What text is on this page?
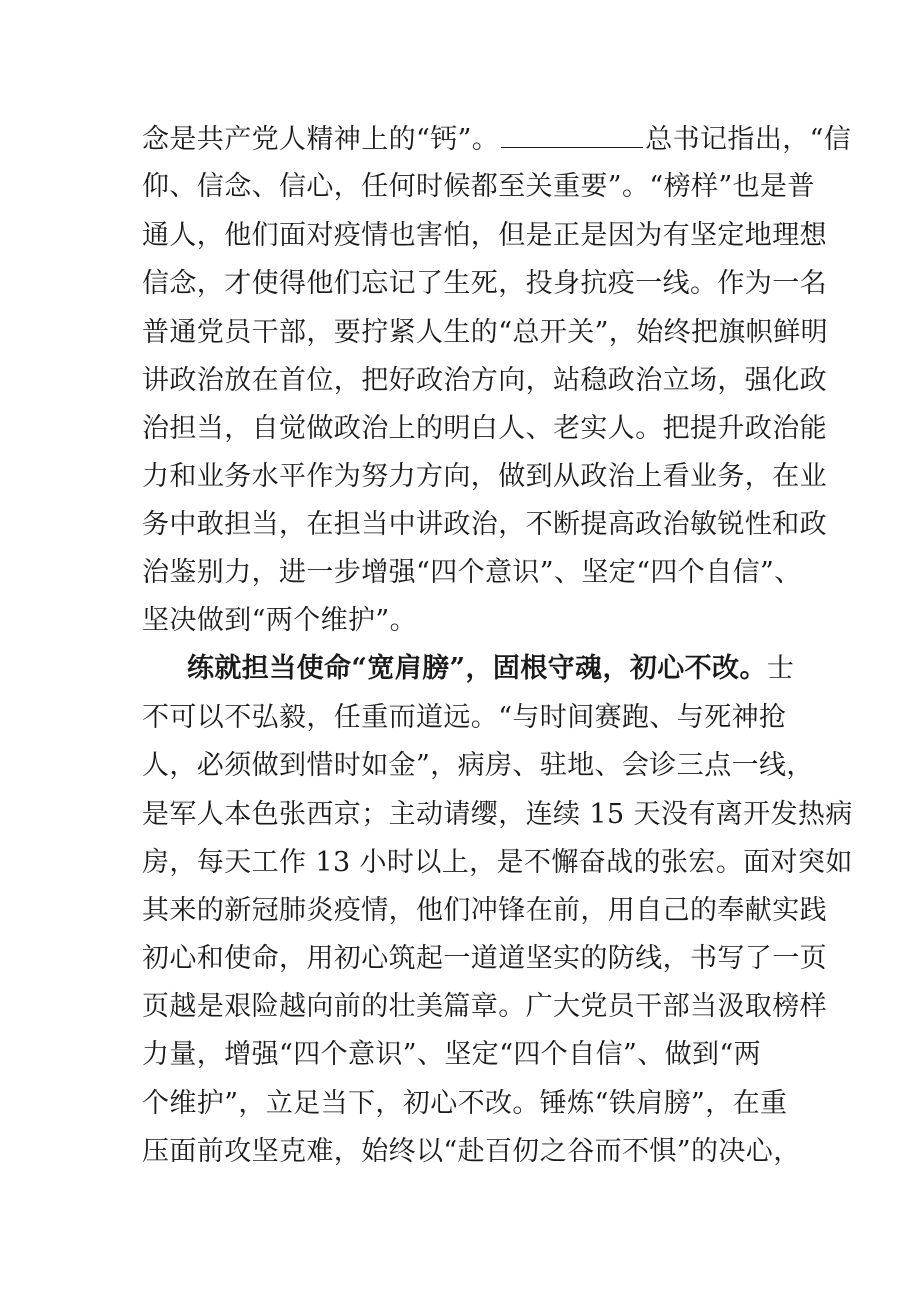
念是共产党人精神上的“钙”。	总书记指出，“信
仰、信念、信心，任何时候都至关重要”。“榜样”也是普
通人，他们面对疫情也害怕，但是正是因为有坚定地理想
信念，才使得他们忘记了生死，投身抗疫一线。作为一名
普通党员干部，要拧紧人生的“总开关”，始终把旗帜鲜明
讲政治放在首位，把好政治方向，站稳政治立场，强化政
治担当，自觉做政治上的明白人、老实人。把提升政治能
力和业务水平作为努力方向，做到从政治上看业务，在业
务中敢担当，在担当中讲政治，不断提高政治敏锐性和政
治鉴别力，进一步增强“四个意识”、坚定“四个自信”、
坚决做到“两个维护”。
练就担当使命“宽肩膀”，固根守魂，初心不改。士
不可以不弘毅，任重而道远。“与时间赛跑、与死神抢
人，必须做到惜时如金”，病房、驻地、会诊三点一线，
是军人本色张西京；主动请缨，连续 15 天没有离开发热病
房，每天工作 13 小时以上，是不懈奋战的张宏。面对突如
其来的新冠肺炎疫情，他们冲锋在前，用自己的奉献实践
初心和使命，用初心筑起一道道坚实的防线，书写了一页
页越是艰险越向前的壮美篇章。广大党员干部当汲取榜样
力量，增强“四个意识”、坚定“四个自信”、做到“两
个维护”，立足当下，初心不改。锤炼“铁肩膀”，在重
压面前攻坚克难，始终以“赴百仞之谷而不惧”的决心，
